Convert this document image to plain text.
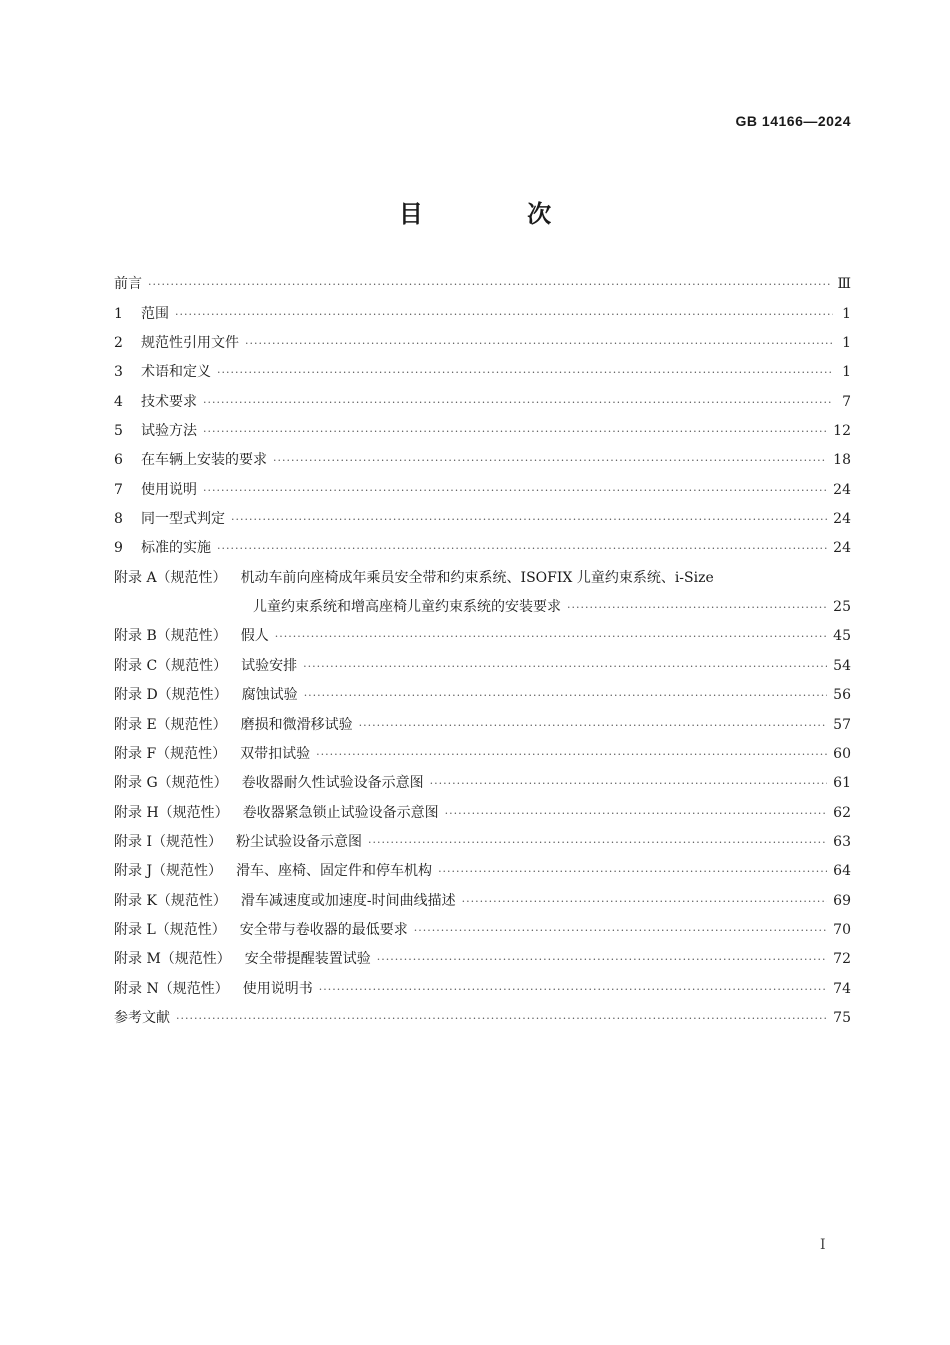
GB 14166—2024
目 次
前言 ·····	Ⅲ
1	范围 ·····	1
2	规范性引用文件 ·····	1
3	术语和定义 ·····	1
4	技术要求 ·····	7
5	试验方法 ·····	12
6	在车辆上安装的要求 ·····	18
7	使用说明 ·····	24
8	同一型式判定 ·····	24
9	标准的实施 ·····	24
附录 A（规范性） 机动车前向座椅成年乘员安全带和约束系统、ISOFIX 儿童约束系统、i-Size
儿童约束系统和增高座椅儿童约束系统的安装要求 ·····	25
附录 B（规范性） 假人 ·····	45
附录 C（规范性） 试验安排 ·····	54
附录 D（规范性） 腐蚀试验 ·····	56
附录 E（规范性） 磨损和微滑移试验 ·····	57
附录 F（规范性） 双带扣试验 ·····	60
附录 G（规范性） 卷收器耐久性试验设备示意图 ·····	61
附录 H（规范性） 卷收器紧急锁止试验设备示意图 ·····	62
附录 I（规范性） 粉尘试验设备示意图 ·····	63
附录 J（规范性） 滑车、座椅、固定件和停车机构 ·····	64
附录 K（规范性） 滑车减速度或加速度-时间曲线描述 ·····	69
附录 L（规范性） 安全带与卷收器的最低要求 ·····	70
附录 M（规范性） 安全带提醒装置试验 ·····	72
附录 N（规范性） 使用说明书 ·····	74
参考文献 ·····	75
I
